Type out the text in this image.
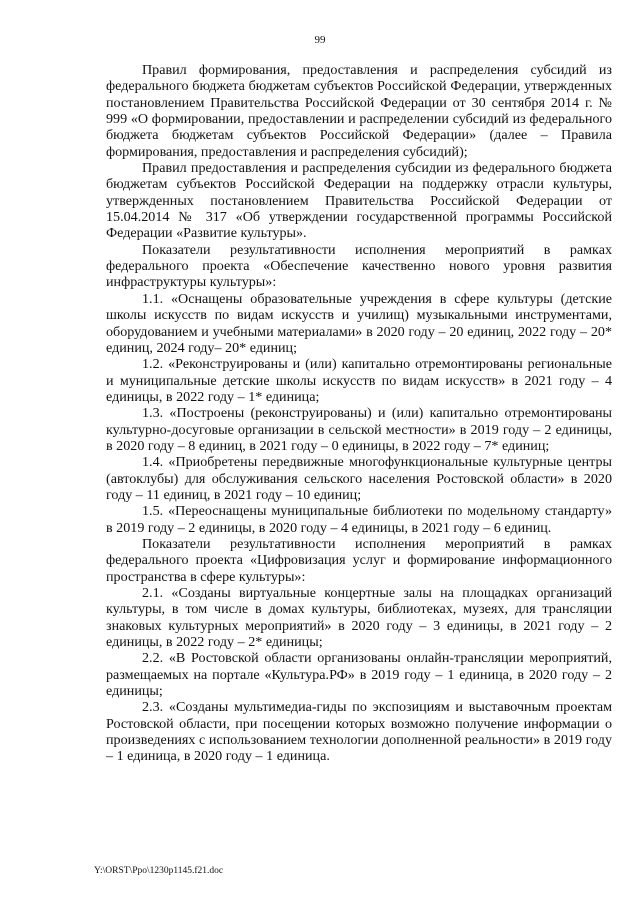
99

Правил формирования, предоставления и распределения субсидий из федерального бюджета бюджетам субъектов Российской Федерации, утвержденных постановлением Правительства Российской Федерации от 30 сентября 2014 г. № 999 «О формировании, предоставлении и распределении субсидий из федерального бюджета бюджетам субъектов Российской Федерации» (далее – Правила формирования, предоставления и распределения субсидий);

Правил предоставления и распределения субсидии из федерального бюджета бюджетам субъектов Российской Федерации на поддержку отрасли культуры, утвержденных постановлением Правительства Российской Федерации от 15.04.2014 № 317 «Об утверждении государственной программы Российской Федерации «Развитие культуры».

Показатели результативности исполнения мероприятий в рамках федерального проекта «Обеспечение качественно нового уровня развития инфраструктуры культуры»:

1.1. «Оснащены образовательные учреждения в сфере культуры (детские школы искусств по видам искусств и училищ) музыкальными инструментами, оборудованием и учебными материалами» в 2020 году – 20 единиц, 2022 году – 20* единиц, 2024 году– 20* единиц;

1.2. «Реконструированы и (или) капитально отремонтированы региональные и муниципальные детские школы искусств по видам искусств» в 2021 году – 4 единицы, в 2022 году – 1* единица;

1.3. «Построены (реконструированы) и (или) капитально отремонтированы культурно-досуговые организации в сельской местности» в 2019 году – 2 единицы, в 2020 году – 8 единиц, в 2021 году – 0 единицы, в 2022 году – 7* единиц;

1.4. «Приобретены передвижные многофункциональные культурные центры (автоклубы) для обслуживания сельского населения Ростовской области» в 2020 году – 11 единиц, в 2021 году – 10 единиц;

1.5. «Переоснащены муниципальные библиотеки по модельному стандарту» в 2019 году – 2 единицы, в 2020 году – 4 единицы, в 2021 году – 6 единиц.

Показатели результативности исполнения мероприятий в рамках федерального проекта «Цифровизация услуг и формирование информационного пространства в сфере культуры»:

2.1. «Созданы виртуальные концертные залы на площадках организаций культуры, в том числе в домах культуры, библиотеках, музеях, для трансляции знаковых культурных мероприятий» в 2020 году – 3 единицы, в 2021 году – 2 единицы, в 2022 году – 2* единицы;

2.2. «В Ростовской области организованы онлайн-трансляции мероприятий, размещаемых на портале «Культура.РФ» в 2019 году – 1 единица, в 2020 году – 2 единицы;

2.3. «Созданы мультимедиа-гиды по экспозициям и выставочным проектам Ростовской области, при посещении которых возможно получение информации о произведениях с использованием технологии дополненной реальности» в 2019 году – 1 единица, в 2020 году – 1 единица.

Y:\ORST\Ppo\1230p1145.f21.doc
